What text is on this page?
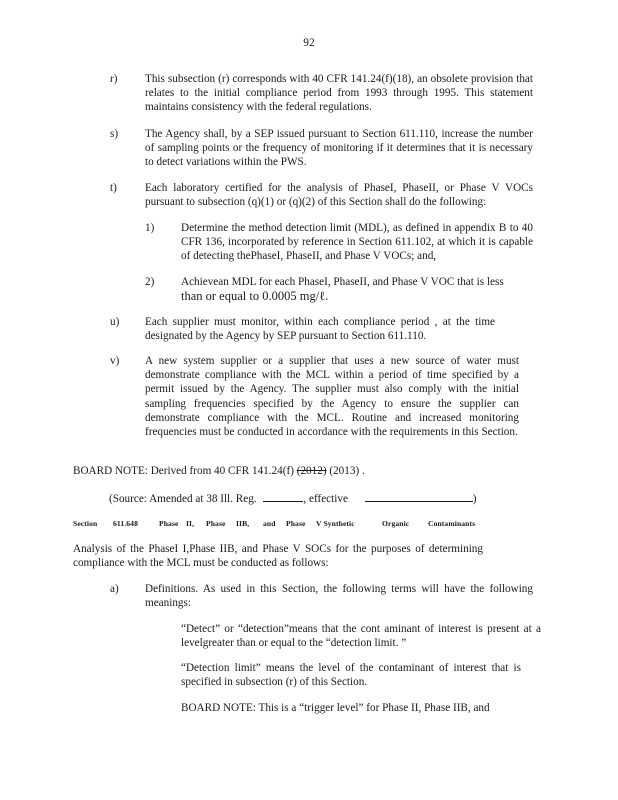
92
r) This subsection (r) corresponds with 40 CFR 141.24(f)(18), an obsolete provision that relates to the initial compliance period from 1993 through 1995. This statement maintains consistency with the federal regulations.
s) The Agency shall, by a SEP issued pursuant to Section 611.110, increase the number of sampling points or the frequency of monitoring if it determines that it is necessary to detect variations within the PWS.
t)	Each laboratory certified for the analysis of PhaseI, PhaseII, or Phase V VOCs pursuant to subsection (q)(1) or (q)(2) of this Section shall do the following:
1) Determine the method detection limit (MDL), as defined in appendix B to 40 CFR 136, incorporated by reference in Section 611.102, at which it is capable of detecting thePhaseI, PhaseII, and Phase V VOCs; and,
2) Achievean MDL for each PhaseI, PhaseII, and Phase V VOC that is less
than or equal to 0.0005 mg/ℓ.
u) Each supplier must monitor, within each compliance period , at the time designated by the Agency by SEP pursuant to Section 611.110.
v) A new system supplier or a supplier that uses a new source of water must demonstrate compliance with the MCL within a period of time specified by a permit issued by the Agency. The supplier must also comply with the initial sampling frequencies specified by the Agency to ensure the supplier can demonstrate compliance with the MCL. Routine and increased monitoring frequencies must be conducted in accordance with the requirements in this Section.
BOARD NOTE: Derived from 40 CFR 141.24(f) (2012) (2013) .
(Source: Amended at 38 Ill. Reg.	, effective	)
Section 611.648	Phase II, Phase IIB, and Phase V Synthetic	Organic Contaminants
Analysis of the PhaseI I,Phase IIB, and Phase V SOCs for the purposes of determining compliance with the MCL must be conducted as follows:
a) Definitions. As used in this Section, the following terms will have the following meanings:
“Detect” or “detection”means that the cont aminant of interest is present at a levelgreater than or equal to the “detection limit. ”
“Detection limit” means the level of the contaminant of interest that is specified in subsection (r) of this Section.
BOARD NOTE: This is a “trigger level” for Phase II, Phase IIB, and
